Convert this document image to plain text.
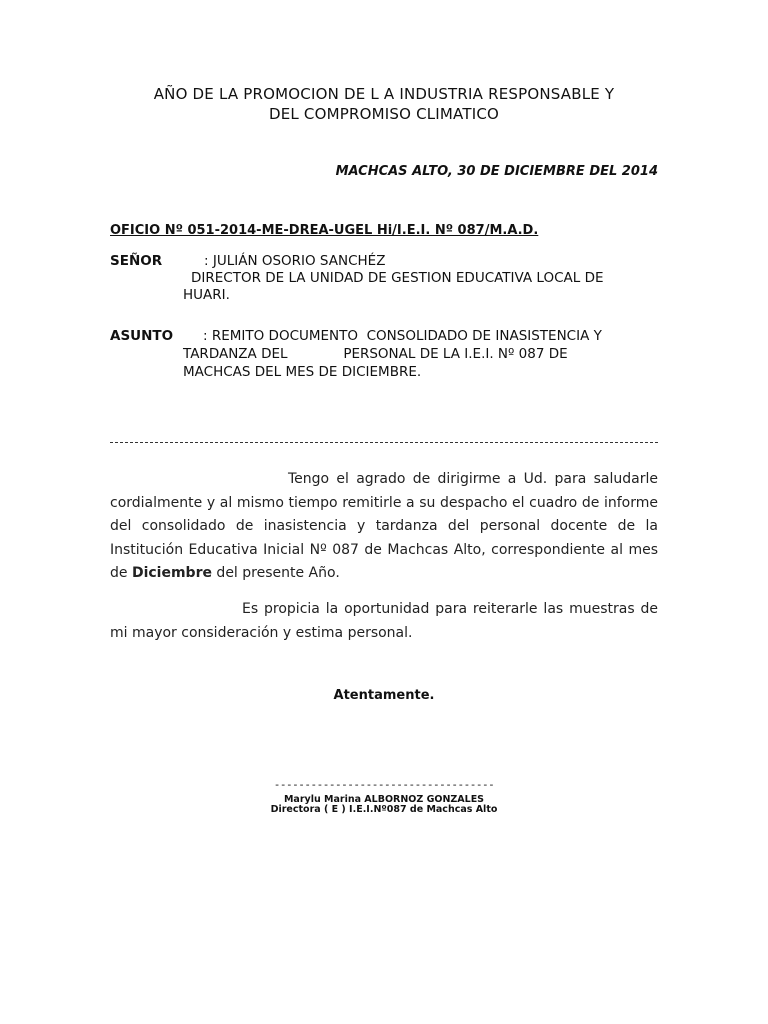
AÑO DE LA PROMOCION DE L A INDUSTRIA RESPONSABLE Y
DEL COMPROMISO CLIMATICO
MACHCAS ALTO, 30 DE DICIEMBRE DEL 2014
OFICIO Nº 051-2014-ME-DREA-UGEL Hi/I.E.I. Nº 087/M.A.D.
SEÑOR	: JULIÁN OSORIO SANCHÉZ
DIRECTOR DE LA UNIDAD DE GESTION EDUCATIVA LOCAL DE
HUARI.
ASUNTO : REMITO DOCUMENTO  CONSOLIDADO DE INASISTENCIA Y
TARDANZA DEL             PERSONAL DE LA I.E.I. Nº 087 DE
MACHCAS DEL MES DE DICIEMBRE.
Tengo el agrado de dirigirme a Ud. para saludarle cordialmente y al mismo tiempo remitirle a su despacho el cuadro de informe del consolidado de inasistencia y tardanza del personal docente de la Institución Educativa Inicial Nº 087 de Machcas Alto, correspondiente al mes de Diciembre del presente Año.
Es propicia la oportunidad para reiterarle las muestras de mi mayor consideración y estima personal.
Atentamente.
------------------------------------
Marylu Marina ALBORNOZ GONZALES
Directora ( E ) I.E.I.Nº087 de Machcas Alto
